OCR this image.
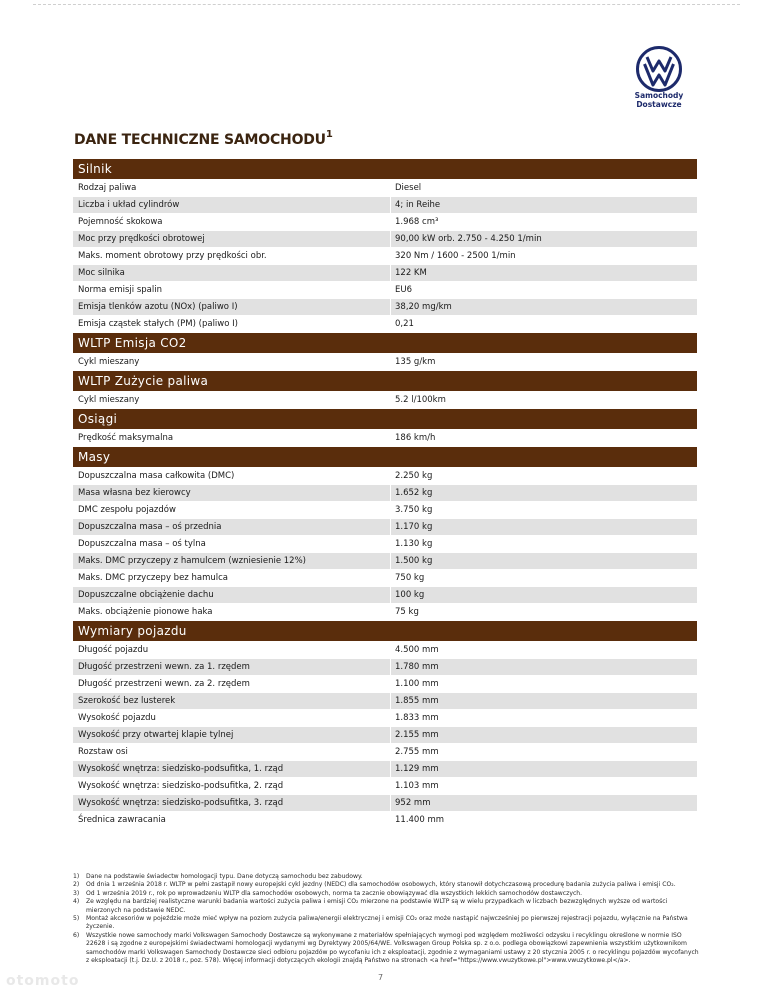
Samochody
Dostawcze
DANE TECHNICZNE SAMOCHODU$^1$
Silnik
Rodzaj paliwa	Diesel
Liczba i układ cylindrów	4; in Reihe
Pojemność skokowa	1.968 cm³
Moc przy prędkości obrotowej	90,00 kW orb. 2.750 - 4.250 1/min
Maks. moment obrotowy przy prędkości obr.	320 Nm / 1600 - 2500 1/min
Moc silnika	122 KM
Norma emisji spalin	EU6
Emisja tlenków azotu (NOx) (paliwo I)	38,20 mg/km
Emisja cząstek stałych (PM) (paliwo I)	0,21
WLTP Emisja CO2
Cykl mieszany	135 g/km
WLTP Zużycie paliwa
Cykl mieszany	5.2 l/100km
Osiągi
Prędkość maksymalna	186 km/h
Masy
Dopuszczalna masa całkowita (DMC)	2.250 kg
Masa własna bez kierowcy	1.652 kg
DMC zespołu pojazdów	3.750 kg
Dopuszczalna masa – oś przednia	1.170 kg
Dopuszczalna masa – oś tylna	1.130 kg
Maks. DMC przyczepy z hamulcem (wzniesienie 12%)	1.500 kg
Maks. DMC przyczepy bez hamulca	750 kg
Dopuszczalne obciążenie dachu	100 kg
Maks. obciążenie pionowe haka	75 kg
Wymiary pojazdu
Długość pojazdu	4.500 mm
Długość przestrzeni wewn. za 1. rzędem	1.780 mm
Długość przestrzeni wewn. za 2. rzędem	1.100 mm
Szerokość bez lusterek	1.855 mm
Wysokość pojazdu	1.833 mm
Wysokość przy otwartej klapie tylnej	2.155 mm
Rozstaw osi	2.755 mm
Wysokość wnętrza: siedzisko-podsufitka, 1. rząd	1.129 mm
Wysokość wnętrza: siedzisko-podsufitka, 2. rząd	1.103 mm
Wysokość wnętrza: siedzisko-podsufitka, 3. rząd	952 mm
Średnica zawracania	11.400 mm
1)	Dane na podstawie świadectw homologacji typu. Dane dotyczą samochodu bez zabudowy.
2)	Od dnia 1 września 2018 r. WLTP w pełni zastąpił nowy europejski cykl jezdny (NEDC) dla samochodów osobowych, który stanowił dotychczasową procedurę badania zużycia paliwa i emisji CO₂.
3)	Od 1 września 2019 r., rok po wprowadzeniu WLTP dla samochodów osobowych, norma ta zacznie obowiązywać dla wszystkich lekkich samochodów dostawczych.
4)	Ze względu na bardziej realistyczne warunki badania wartości zużycia paliwa i emisji CO₂ mierzone na podstawie WLTP są w wielu przypadkach w liczbach bezwzględnych wyższe od wartości mierzonych na podstawie NEDC.
5)	Montaż akcesoriów w pojeździe może mieć wpływ na poziom zużycia paliwa/energii elektrycznej i emisji CO₂ oraz może nastąpić najwcześniej po pierwszej rejestracji pojazdu, wyłącznie na Państwa życzenie.
6)	Wszystkie nowe samochody marki Volkswagen Samochody Dostawcze są wykonywane z materiałów spełniających wymogi pod względem możliwości odzysku i recyklingu określone w normie ISO 22628 i są zgodne z europejskimi świadectwami homologacji wydanymi wg Dyrektywy 2005/64/WE. Volkswagen Group Polska sp. z o.o. podlega obowiązkowi zapewnienia wszystkim użytkownikom samochodów marki Volkswagen Samochody Dostawcze sieci odbioru pojazdów po wycofaniu ich z eksploatacji, zgodnie z wymaganiami ustawy z 20 stycznia 2005 r. o recyklingu pojazdów wycofanych z eksploatacji (t.j. Dz.U. z 2018 r., poz. 578). Więcej informacji dotyczących ekologii znajdą Państwo na stronach <a href="https://www.vwuzytkowe.pl">www.vwuzytkowe.pl</a>.
7
otomoto
